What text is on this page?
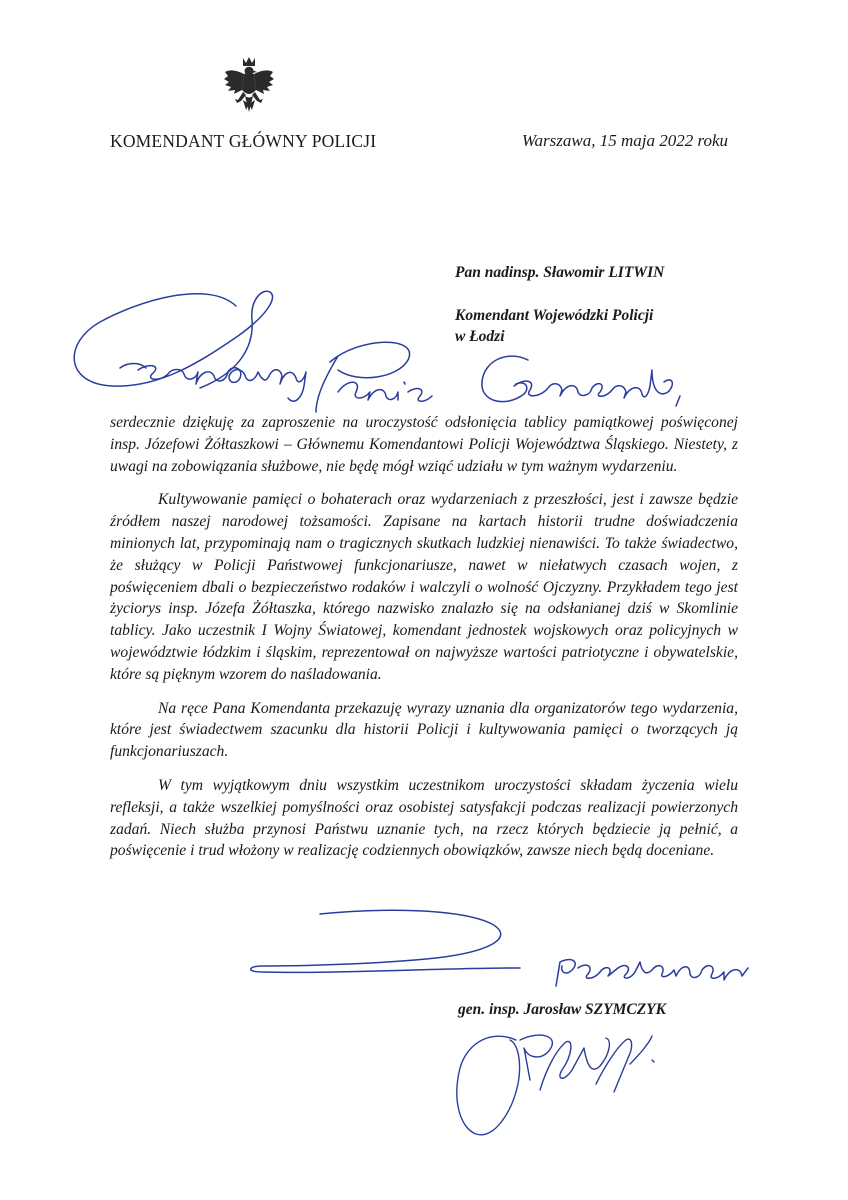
KOMENDANT GŁÓWNY POLICJI	Warszawa, 15 maja 2022 roku
Pan nadinsp. Sławomir LITWIN
Komendant Wojewódzki Policji
w Łodzi

serdecznie dziękuję za zaproszenie na uroczystość odsłonięcia tablicy pamiątkowej poświęconej insp. Józefowi Żółtaszkowi – Głównemu Komendantowi Policji Województwa Śląskiego. Niestety, z uwagi na zobowiązania służbowe, nie będę mógł wziąć udziału w tym ważnym wydarzeniu.

Kultywowanie pamięci o bohaterach oraz wydarzeniach z przeszłości, jest i zawsze będzie źródłem naszej narodowej tożsamości. Zapisane na kartach historii trudne doświadczenia minionych lat, przypominają nam o tragicznych skutkach ludzkiej nienawiści. To także świadectwo, że służący w Policji Państwowej funkcjonariusze, nawet w niełatwych czasach wojen, z poświęceniem dbali o bezpieczeństwo rodaków i walczyli o wolność Ojczyzny. Przykładem tego jest życiorys insp. Józefa Żółtaszka, którego nazwisko znalazło się na odsłanianej dziś w Skomlinie tablicy. Jako uczestnik I Wojny Światowej, komendant jednostek wojskowych oraz policyjnych w województwie łódzkim i śląskim, reprezentował on najwyższe wartości patriotyczne i obywatelskie, które są pięknym wzorem do naśladowania.

Na ręce Pana Komendanta przekazuję wyrazy uznania dla organizatorów tego wydarzenia, które jest świadectwem szacunku dla historii Policji i kultywowania pamięci o tworzących ją funkcjonariuszach.

W tym wyjątkowym dniu wszystkim uczestnikom uroczystości składam życzenia wielu refleksji, a także wszelkiej pomyślności oraz osobistej satysfakcji podczas realizacji powierzonych zadań. Niech służba przynosi Państwu uznanie tych, na rzecz których będziecie ją pełnić, a poświęcenie i trud włożony w realizację codziennych obowiązków, zawsze niech będą doceniane.

gen. insp. Jarosław SZYMCZYK
